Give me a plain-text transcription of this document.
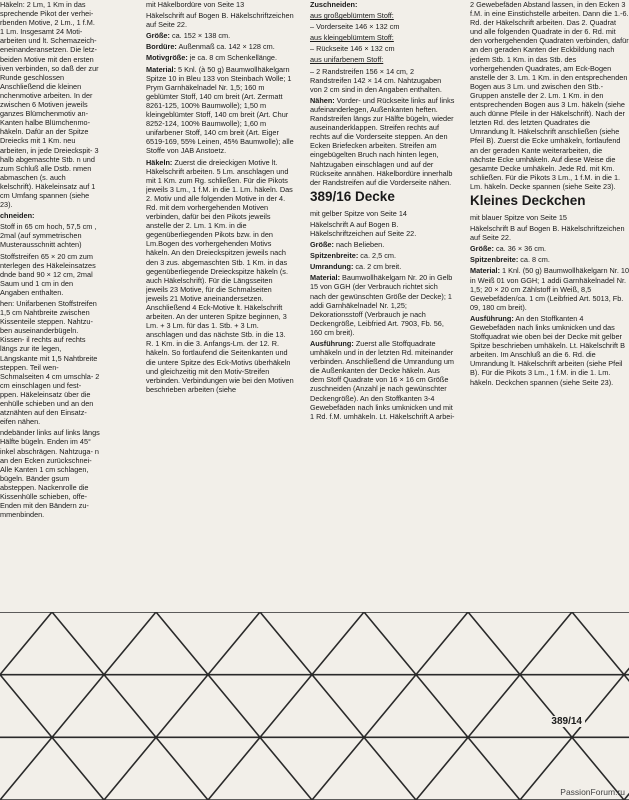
Häkeln: 2 Lm, 1 Km in das sprechende Pikot der verhei- rbenden Motive, 2 Lm., 1 f.M. 1 Lm. Insgesamt 24 Moti- arbeiten und lt. Schemazeich- eneinanderansetzen. Die letz- beiden Motive mit den ersten iven verbinden, so daß der zur Runde geschlossen Anschließend die kleinen nchenmotive arbeiten. In der zwischen 6 Motiven jeweils ganzes Blümchenmotiv an- Kanten halbe Blümchenmo- häkeln. Dafür an der Spitze Dreiecks mit 1 Km. neu arbeiten, in jede Dreieckspit- 3 halb abgemaschte Stb. n und zum Schluß alle Dstb. nmen abmaschen (s. auch kelschrift). Häkeleinsatz auf 1 cm Umfang spannen (siehe 23).

chneiden:

Stoff in 65 cm hoch, 57,5 cm , 2mal (auf symmetrischen Musterausschnitt achten)

Stoffstreifen 65 × 20 cm zum nterlegen des Häkeleinsatzes dnde band 90 × 12 cm, 2mal Saum und 1 cm in den Angaben enthalten.

hen: Unifarbenen Stoffstreifen 1,5 cm Nahtbreite zwischen Kissenteile steppen. Nahtzu- ben auseinanderbügeln. Kissen- il rechts auf rechts längs zur ite legen, Längskante mit 1,5 Nahtbreite steppen. Teil wen- Schmalseiten 4 cm umschla- 2 cm einschlagen und fest- ppen. Häkeleinsatz über die enhülle schieben und an den atznähten auf den Einsatz- eifen nähen.

ndebänder links auf links längs Hälfte bügeln. Enden im 45° inkel abschrägen. Nahtzuga- n an den Ecken zurückschnei- Alle Kanten 1 cm schlagen, bügeln. Bänder gsum absteppen. Nackenrolle die Kissenhülle schieben, offe- Enden mit den Bändern zu- mmenbinden.

mit Häkelbordüre von Seite 13

Häkelschrift auf Bogen B. Häkelschriftzeichen auf Seite 22.

Größe: ca. 152 × 138 cm.

Bordüre: Außenmaß ca. 142 × 128 cm.

Motivgröße: je ca. 8 cm Schenkellänge.

Material: 5 Knl. (à 50 g) Baumwollhäkelgarn Spitze 10 in Bleu 133 von Steinbach Wolle; 1 Prym Garnhäkelnadel Nr. 1,5; 160 m geblümter Stoff, 140 cm breit (Art. Zermatt 8261-125, 100% Baumwolle); 1,50 m kleingeblümter Stoff, 140 cm breit (Art. Chur 8252-124, 100% Baumwolle); 1,60 m unifarbener Stoff, 140 cm breit (Art. Eiger 6519-169, 55% Leinen, 45% Baumwolle); alle Stoffe von JAB Anstoetz.

Häkeln: Zuerst die dreieckigen Motive lt. Häkelschrift arbeiten. 5 Lm. anschlagen und mit 1 Km. zum Rg. schließen. Für die Pikots jeweils 3 Lm., 1 f.M. in die 1. Lm. häkeln. Das 2. Motiv und alle folgenden Motive in der 4. Rd. mit dem vorhergehenden Motiven verbinden, dafür bei den Pikots jeweils anstelle der 2. Lm. 1 Km. in die gegenüberliegenden Pikots bzw. in den Lm.Bogen des vorhergehenden Motivs häkeln. An den Dreieckspitzen jeweils nach den 3 zus. abgemaschten Stb. 1 Km. in das gegenüberliegende Dreieckspitze häkeln (s. auch Häkelschrift). Für die Längsseiten jeweils 23 Motive, für die Schmalseiten jeweils 21 Motive aneinandersetzen. Anschließend 4 Eck-Motive lt. Häkelschrift arbeiten. An der unteren Spitze beginnen, 3 Lm. + 3 Lm. für das 1. Stb. + 3 Lm. anschlagen und das nächste Stb. in die 13. R. 1 Km. in die 3. Anfangs-Lm. der 12. R. häkeln. So fortlaufend die Seitenkanten und die untere Spitze des Eck-Motivs überhäkeln und gleichzeitig mit den Motiv-Streifen verbinden. Verbindungen wie bei den Motiven beschrieben arbeiten (siehe

Zuschneiden:

aus großgeblümtem Stoff:

– Vorderseite 146 × 132 cm

aus kleingeblümtem Stoff:

– Rückseite 146 × 132 cm

aus unifarbenem Stoff:

– 2 Randstreifen 156 × 14 cm, 2 Randstreifen 142 × 14 cm. Nahtzugaben von 2 cm sind in den Angaben enthalten.

Nähen: Vorder- und Rückseite links auf links aufeinanderlegen, Außenkanten heften. Randstreifen längs zur Hälfte bügeln, wieder auseinanderklappen. Streifen rechts auf rechts auf die Vorderseite steppen. An den Ecken Briefecken arbeiten. Streifen am eingebügelten Bruch nach hinten legen, Nahtzugaben einschlagen und auf der Rückseite annähen. Häkelbordüre innerhalb der Randstreifen auf die Vorderseite nähen.

389/16 Decke

mit gelber Spitze von Seite 14

Häkelschrift A auf Bogen B. Häkelschriftzeichen auf Seite 22.

Größe: nach Belieben.

Spitzenbreite: ca. 2,5 cm.

Umrandung: ca. 2 cm breit.

Material: Baumwollhäkelgarn Nr. 20 in Gelb 15 von GGH (der Verbrauch richtet sich nach der gewünschten Größe der Decke); 1 addi Garnhäkelnadel Nr. 1,25; Dekorationsstoff (Verbrauch je nach Deckengröße, Leibfried Art. 7903, Fb. 56, 160 cm breit).

Ausführung: Zuerst alle Stoffquadrate umhäkeln und in der letzten Rd. miteinander verbinden. Anschließend die Umrandung um die Außenkanten der Decke häkeln. Aus dem Stoff Quadrate von 16 × 16 cm Größe zuschneiden (Anzahl je nach gewünschter Deckengröße). An den Stoffkanten 3-4 Gewebefäden nach links umknicken und mit 1 Rd. f.M. umhäkeln. Lt. Häkelschrift A arbei-

2 Gewebefäden Abstand lassen, in den Ecken 3 f.M. in eine Einstichstelle arbeiten. Dann die 1.-6. Rd. der Häkelschrift arbeiten. Das 2. Quadrat und alle folgenden Quadrate in der 6. Rd. mit den vorhergehenden Quadraten verbinden, dafür an den geraden Kanten der Eckbildung nach jedem Stb. 1 Km. in das Stb. des vorhergehenden Quadrates, am Eck-Bogen anstelle der 3. Lm. 1 Km. in den entsprechenden Bogen aus 3 Lm. und zwischen den Stb.-Gruppen anstelle der 2. Lm. 1 Km. in den entsprechenden Bogen aus 3 Lm. häkeln (siehe auch dünne Pfeile in der Häkelschrift). Nach der letzten Rd. des letzten Quadrates die Umrandung lt. Häkelschrift anschließen (siehe Pfeil B). Zuerst die Ecke umhäkeln, fortlaufend an der geraden Kante weiterarbeiten, die nächste Ecke umhäkeln. Auf diese Weise die gesamte Decke umhäkeln. Jede Rd. mit Km. schließen. Für die Pikots 3 Lm., 1 f.M. in die 1. Lm. häkeln. Decke spannen (siehe Seite 23).

Kleines Deckchen

mit blauer Spitze von Seite 15

Häkelschrift B auf Bogen B. Häkelschriftzeichen auf Seite 22.

Größe: ca. 36 × 36 cm.

Spitzenbreite: ca. 8 cm.

Material: 1 Knl. (50 g) Baumwollhäkelgarn Nr. 10 in Weiß 01 von GGH; 1 addi Garnhäkelnadel Nr. 1,5; 20 × 20 cm Zählstoff in Weiß, 8,5 Gewebefäden/ca. 1 cm (Leibfried Art. 5013, Fb. 09, 180 cm breit).

Ausführung: An den Stoffkanten 4 Gewebefäden nach links umknicken und das Stoffquadrat wie oben bei der Decke mit gelber Spitze beschrieben umhäkeln. Lt. Häkelschrift B arbeiten. Im Anschluß an die 6. Rd. die Umrandung lt. Häkelschrift arbeiten (siehe Pfeil B). Für die Pikots 3 Lm., 1 f.M. in die 1. Lm. häkeln. Deckchen spannen (siehe Seite 23).

389/14
PassionForum.ru
